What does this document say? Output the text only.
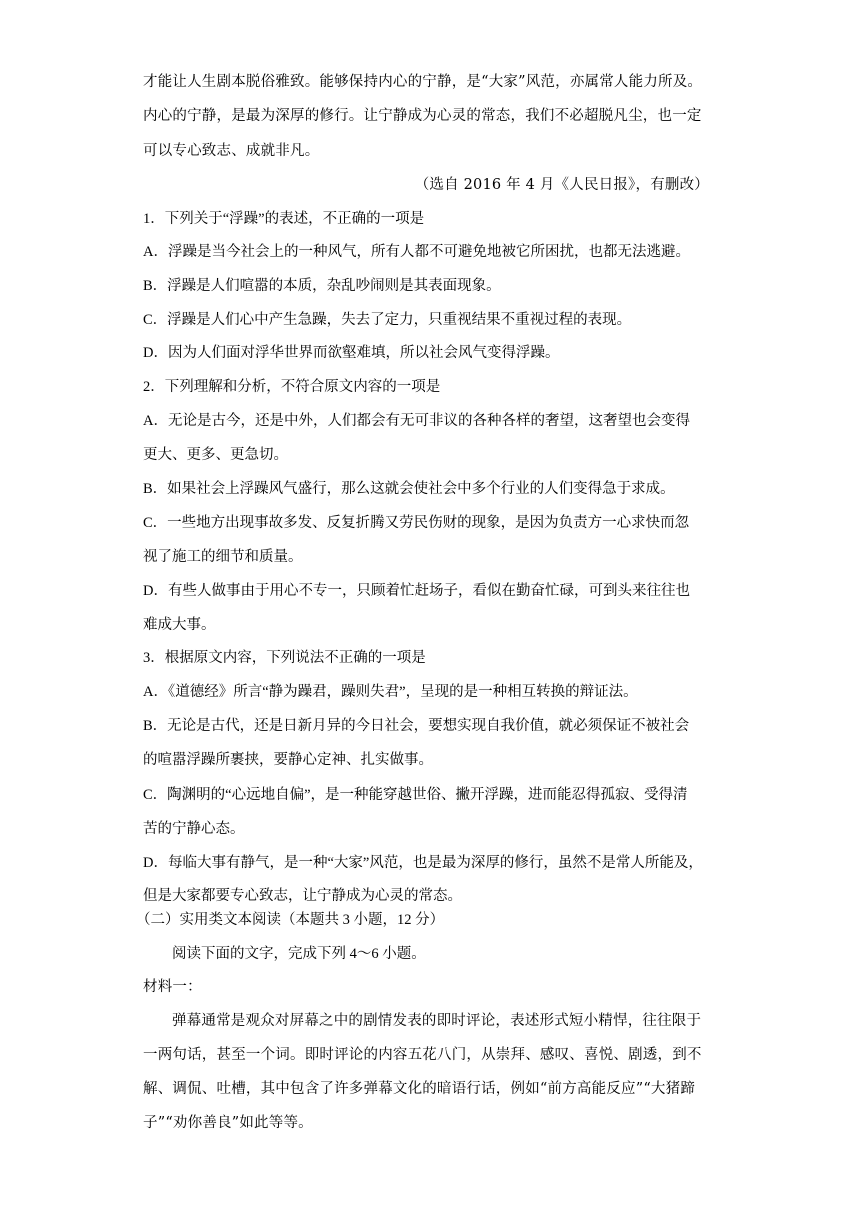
才能让人生剧本脱俗雅致。能够保持内心的宁静，是“大家”风范，亦属常人能力所及。
内心的宁静，是最为深厚的修行。让宁静成为心灵的常态，我们不必超脱凡尘，也一定
可以专心致志、成就非凡。
（选自 2016 年 4 月《人民日报》，有删改）
1．下列关于“浮躁”的表述，不正确的一项是
A．浮躁是当今社会上的一种风气，所有人都不可避免地被它所困扰，也都无法逃避。
B．浮躁是人们喧嚣的本质，杂乱吵闹则是其表面现象。
C．浮躁是人们心中产生急躁，失去了定力，只重视结果不重视过程的表现。
D．因为人们面对浮华世界而欲壑难填，所以社会风气变得浮躁。
2．下列理解和分析，不符合原文内容的一项是
A．无论是古今，还是中外，人们都会有无可非议的各种各样的奢望，这奢望也会变得
更大、更多、更急切。
B．如果社会上浮躁风气盛行，那么这就会使社会中多个行业的人们变得急于求成。
C．一些地方出现事故多发、反复折腾又劳民伤财的现象，是因为负责方一心求快而忽
视了施工的细节和质量。
D．有些人做事由于用心不专一，只顾着忙赶场子，看似在勤奋忙碌，可到头来往往也
难成大事。
3．根据原文内容，下列说法不正确的一项是
A．《道德经》所言“静为躁君，躁则失君”，呈现的是一种相互转换的辩证法。
B．无论是古代，还是日新月异的今日社会，要想实现自我价值，就必须保证不被社会
的喧嚣浮躁所裹挟，要静心定神、扎实做事。
C．陶渊明的“心远地自偏”，是一种能穿越世俗、撇开浮躁，进而能忍得孤寂、受得清
苦的宁静心态。
D．每临大事有静气，是一种“大家”风范，也是最为深厚的修行，虽然不是常人所能及，
但是大家都要专心致志，让宁静成为心灵的常态。
（二）实用类文本阅读（本题共 3 小题，12 分）
阅读下面的文字，完成下列 4～6 小题。
材料一：
弹幕通常是观众对屏幕之中的剧情发表的即时评论，表述形式短小精悍，往往限于
一两句话，甚至一个词。即时评论的内容五花八门，从崇拜、感叹、喜悦、剧透，到不
解、调侃、吐槽，其中包含了许多弹幕文化的暗语行话，例如“前方高能反应”“大猪蹄
子”“劝你善良”如此等等。
